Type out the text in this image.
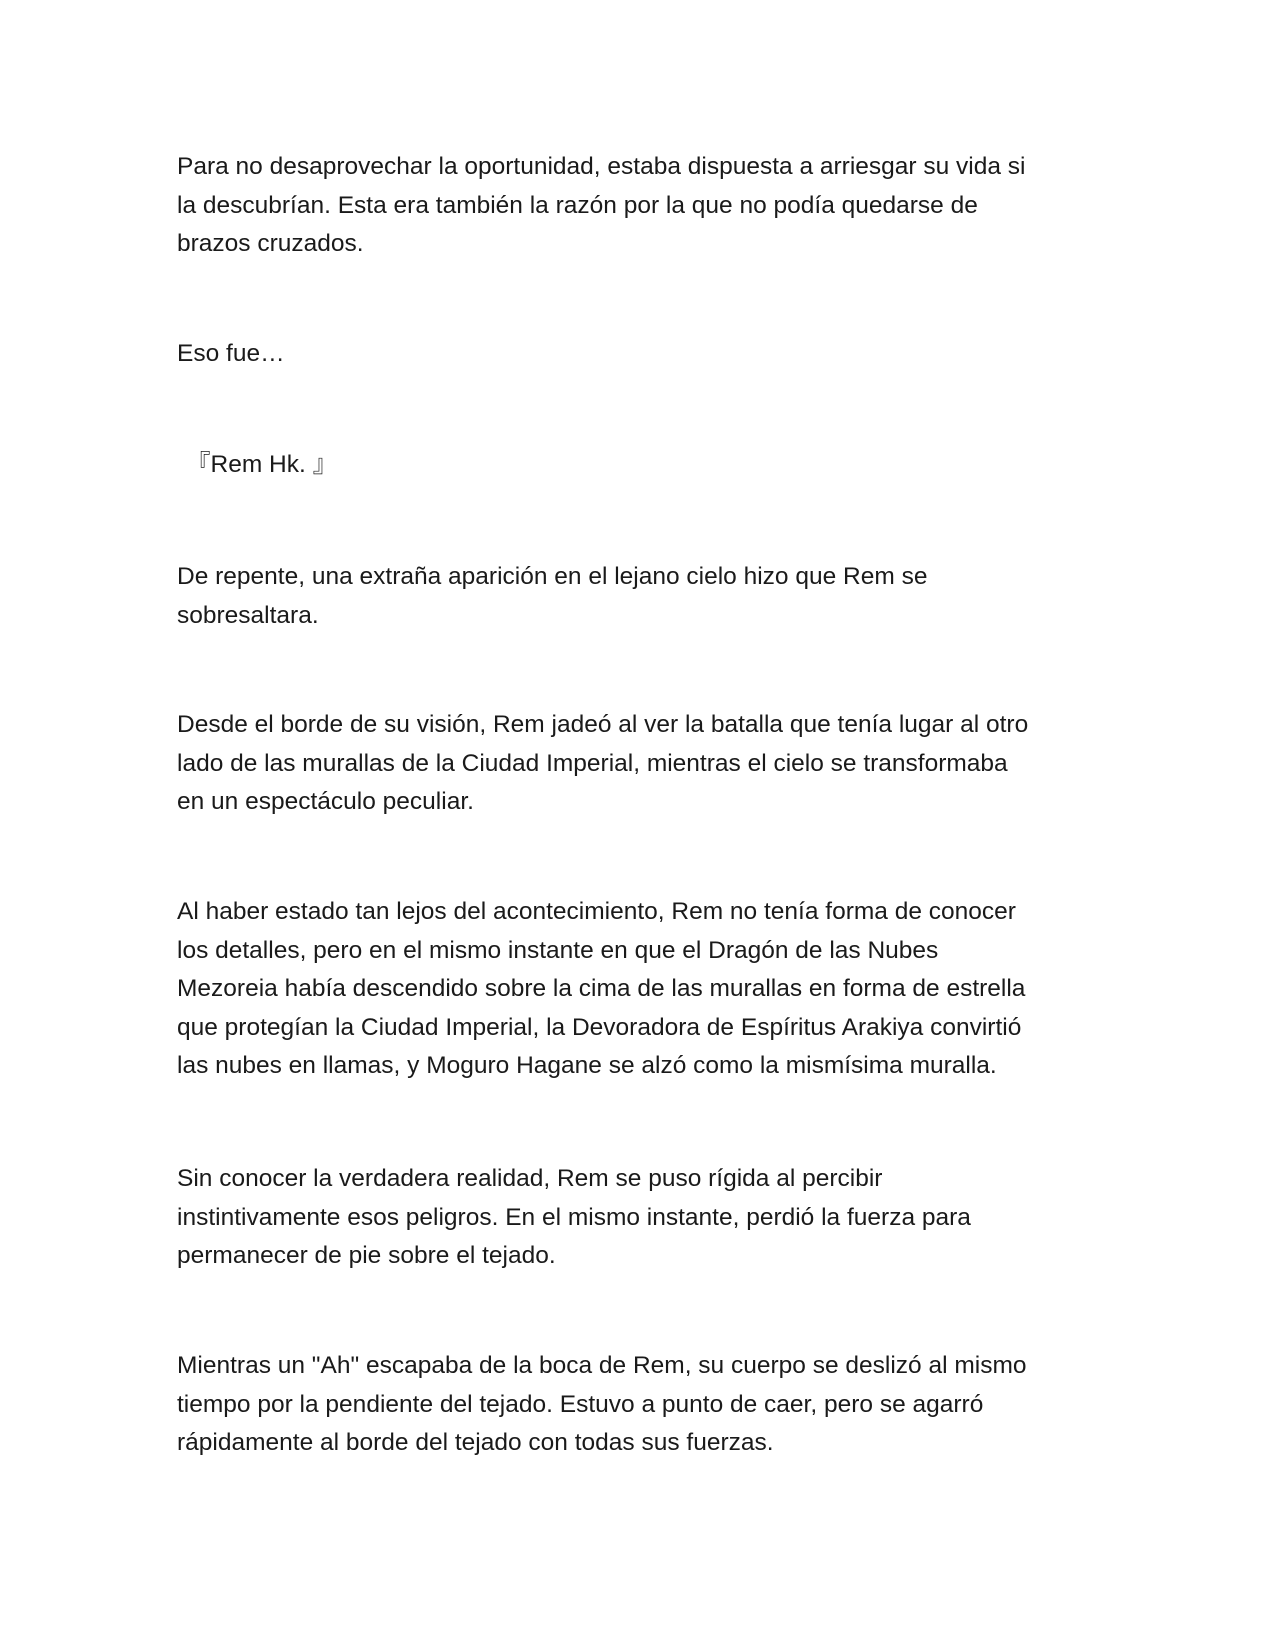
Para no desaprovechar la oportunidad, estaba dispuesta a arriesgar su vida si
la descubrían. Esta era también la razón por la que no podía quedarse de
brazos cruzados.

Eso fue…

『Rem Hk. 』

De repente, una extraña aparición en el lejano cielo hizo que Rem se
sobresaltara.

Desde el borde de su visión, Rem jadeó al ver la batalla que tenía lugar al otro
lado de las murallas de la Ciudad Imperial, mientras el cielo se transformaba
en un espectáculo peculiar.

Al haber estado tan lejos del acontecimiento, Rem no tenía forma de conocer
los detalles, pero en el mismo instante en que el Dragón de las Nubes
Mezoreia había descendido sobre la cima de las murallas en forma de estrella
que protegían la Ciudad Imperial, la Devoradora de Espíritus Arakiya convirtió
las nubes en llamas, y Moguro Hagane se alzó como la mismísima muralla.

Sin conocer la verdadera realidad, Rem se puso rígida al percibir
instintivamente esos peligros. En el mismo instante, perdió la fuerza para
permanecer de pie sobre el tejado.

Mientras un "Ah" escapaba de la boca de Rem, su cuerpo se deslizó al mismo
tiempo por la pendiente del tejado. Estuvo a punto de caer, pero se agarró
rápidamente al borde del tejado con todas sus fuerzas.
